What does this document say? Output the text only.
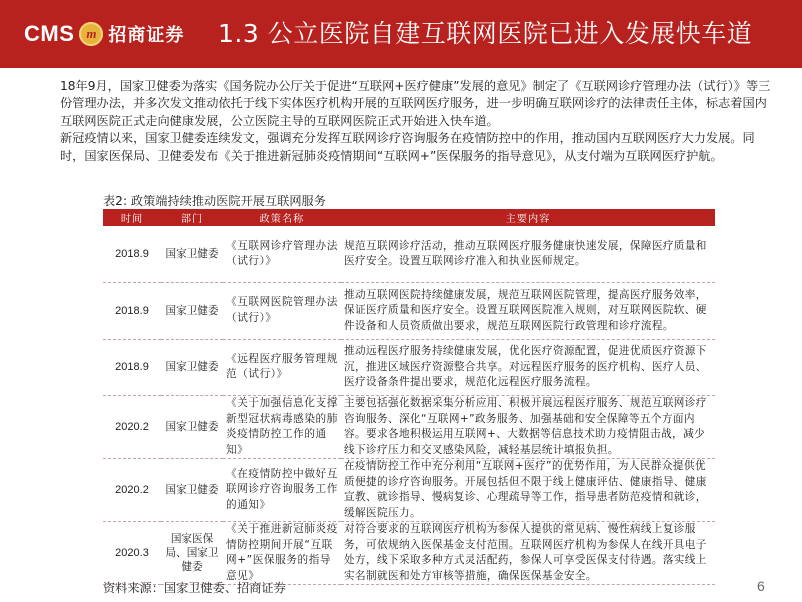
CMS m 招商证券 1.3 公立医院自建互联网医院已进入发展快车道

18年9月，国家卫健委为落实《国务院办公厅关于促进“互联网+医疗健康”发展的意见》制定了《互联网诊疗管理办法（试行）》等三份管理办法，并多次发文推动依托于线下实体医疗机构开展的互联网医疗服务，进一步明确互联网诊疗的法律责任主体，标志着国内互联网医院正式走向健康发展，公立医院主导的互联网医院正式开始进入快车道。

新冠疫情以来，国家卫健委连续发文，强调充分发挥互联网诊疗咨询服务在疫情防控中的作用，推动国内互联网医疗大力发展。同时，国家医保局、卫健委发布《关于推进新冠肺炎疫情期间“互联网+”医保服务的指导意见》，从支付端为互联网医疗护航。

表2: 政策端持续推动医院开展互联网服务
时间	部门	政策名称	主要内容
2018.9	国家卫健委	《互联网诊疗管理办法（试行）》	规范互联网诊疗活动，推动互联网医疗服务健康快速发展，保障医疗质量和医疗安全。设置互联网诊疗准入和执业医师规定。
2018.9	国家卫健委	《互联网医院管理办法（试行）》	推动互联网医院持续健康发展，规范互联网医院管理，提高医疗服务效率，保证医疗质量和医疗安全。设置互联网医院准入规则，对互联网医院软、硬件设备和人员资质做出要求，规范互联网医院行政管理和诊疗流程。
2018.9	国家卫健委	《远程医疗服务管理规范（试行）》	推动远程医疗服务持续健康发展，优化医疗资源配置，促进优质医疗资源下沉，推进区域医疗资源整合共享。对远程医疗服务的医疗机构、医疗人员、医疗设备条件提出要求，规范化远程医疗服务流程。
2020.2	国家卫健委	《关于加强信息化支撑新型冠状病毒感染的肺炎疫情防控工作的通知》	主要包括强化数据采集分析应用、积极开展远程医疗服务、规范互联网诊疗咨询服务、深化“互联网+”政务服务、加强基础和安全保障等五个方面内容。要求各地积极运用互联网+、大数据等信息技术助力疫情阻击战，减少线下诊疗压力和交叉感染风险，减轻基层统计填报负担。
2020.2	国家卫健委	《在疫情防控中做好互联网诊疗咨询服务工作的通知》	在疫情防控工作中充分利用“互联网+医疗”的优势作用，为人民群众提供优质便捷的诊疗咨询服务。开展包括但不限于线上健康评估、健康指导、健康宣教、就诊指导、慢病复诊、心理疏导等工作，指导患者防范疫情和就诊，缓解医院压力。
2020.3	国家医保局、国家卫健委	《关于推进新冠肺炎疫情防控期间开展“互联网+”医保服务的指导意见》	对符合要求的互联网医疗机构为参保人提供的常见病、慢性病线上复诊服务，可依规纳入医保基金支付范围。互联网医疗机构为参保人在线开具电子处方，线下采取多种方式灵活配药，参保人可享受医保支付待遇。落实线上实名制就医和处方审核等措施，确保医保基金安全。
资料来源：国家卫健委、招商证券	6
